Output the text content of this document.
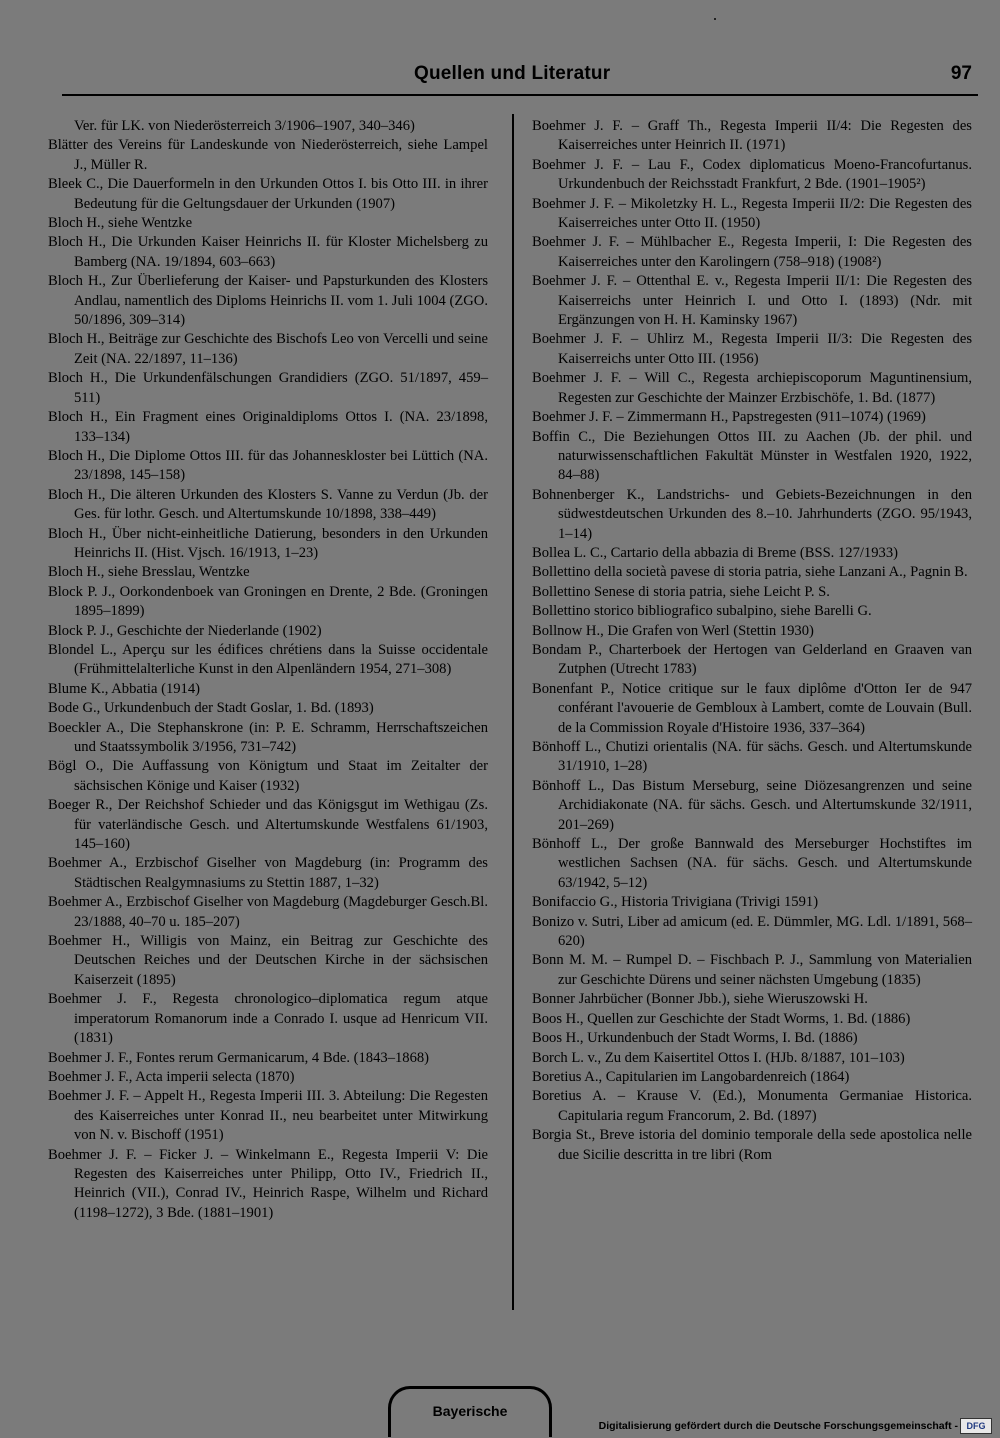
Quellen und Literatur	97

Ver. für LK. von Niederösterreich 3/1906–1907, 340–346)

Blätter des Vereins für Landeskunde von Niederösterreich, siehe Lampel J., Müller R.

Bleek C., Die Dauerformeln in den Urkunden Ottos I. bis Otto III. in ihrer Bedeutung für die Geltungsdauer der Urkunden (1907)

Bloch H., siehe Wentzke

Bloch H., Die Urkunden Kaiser Heinrichs II. für Kloster Michelsberg zu Bamberg (NA. 19/1894, 603–663)

Bloch H., Zur Überlieferung der Kaiser- und Papsturkunden des Klosters Andlau, namentlich des Diploms Heinrichs II. vom 1. Juli 1004 (ZGO. 50/1896, 309–314)

Bloch H., Beiträge zur Geschichte des Bischofs Leo von Vercelli und seine Zeit (NA. 22/1897, 11–136)

Bloch H., Die Urkundenfälschungen Grandidiers (ZGO. 51/1897, 459–511)

Bloch H., Ein Fragment eines Originaldiploms Ottos I. (NA. 23/1898, 133–134)

Bloch H., Die Diplome Ottos III. für das Johanneskloster bei Lüttich (NA. 23/1898, 145–158)

Bloch H., Die älteren Urkunden des Klosters S. Vanne zu Verdun (Jb. der Ges. für lothr. Gesch. und Altertumskunde 10/1898, 338–449)

Bloch H., Über nicht-einheitliche Datierung, besonders in den Urkunden Heinrichs II. (Hist. Vjsch. 16/1913, 1–23)

Bloch H., siehe Bresslau, Wentzke

Block P. J., Oorkondenboek van Groningen en Drente, 2 Bde. (Groningen 1895–1899)

Block P. J., Geschichte der Niederlande (1902)

Blondel L., Aperçu sur les édifices chrétiens dans la Suisse occidentale (Frühmittelalterliche Kunst in den Alpenländern 1954, 271–308)

Blume K., Abbatia (1914)

Bode G., Urkundenbuch der Stadt Goslar, 1. Bd. (1893)

Boeckler A., Die Stephanskrone (in: P. E. Schramm, Herrschaftszeichen und Staatssymbolik 3/1956, 731–742)

Bögl O., Die Auffassung von Königtum und Staat im Zeitalter der sächsischen Könige und Kaiser (1932)

Boeger R., Der Reichshof Schieder und das Königsgut im Wethigau (Zs. für vaterländische Gesch. und Altertumskunde Westfalens 61/1903, 145–160)

Boehmer A., Erzbischof Giselher von Magdeburg (in: Programm des Städtischen Realgymnasiums zu Stettin 1887, 1–32)

Boehmer A., Erzbischof Giselher von Magdeburg (Magdeburger Gesch.Bl. 23/1888, 40–70 u. 185–207)

Boehmer H., Willigis von Mainz, ein Beitrag zur Geschichte des Deutschen Reiches und der Deutschen Kirche in der sächsischen Kaiserzeit (1895)

Boehmer J. F., Regesta chronologico–diplomatica regum atque imperatorum Romanorum inde a Conrado I. usque ad Henricum VII. (1831)

Boehmer J. F., Fontes rerum Germanicarum, 4 Bde. (1843–1868)

Boehmer J. F., Acta imperii selecta (1870)

Boehmer J. F. – Appelt H., Regesta Imperii III. 3. Abteilung: Die Regesten des Kaiserreiches unter Konrad II., neu bearbeitet unter Mitwirkung von N. v. Bischoff (1951)

Boehmer J. F. – Ficker J. – Winkelmann E., Regesta Imperii V: Die Regesten des Kaiserreiches unter Philipp, Otto IV., Friedrich II., Heinrich (VII.), Conrad IV., Heinrich Raspe, Wilhelm und Richard (1198–1272), 3 Bde. (1881–1901)

Boehmer J. F. – Graff Th., Regesta Imperii II/4: Die Regesten des Kaiserreiches unter Heinrich II. (1971)

Boehmer J. F. – Lau F., Codex diplomaticus Moeno-Francofurtanus. Urkundenbuch der Reichsstadt Frankfurt, 2 Bde. (1901–1905²)

Boehmer J. F. – Mikoletzky H. L., Regesta Imperii II/2: Die Regesten des Kaiserreiches unter Otto II. (1950)

Boehmer J. F. – Mühlbacher E., Regesta Imperii, I: Die Regesten des Kaiserreiches unter den Karolingern (758–918) (1908²)

Boehmer J. F. – Ottenthal E. v., Regesta Imperii II/1: Die Regesten des Kaiserreichs unter Heinrich I. und Otto I. (1893) (Ndr. mit Ergänzungen von H. H. Kaminsky 1967)

Boehmer J. F. – Uhlirz M., Regesta Imperii II/3: Die Regesten des Kaiserreichs unter Otto III. (1956)

Boehmer J. F. – Will C., Regesta archiepiscoporum Maguntinensium, Regesten zur Geschichte der Mainzer Erzbischöfe, 1. Bd. (1877)

Boehmer J. F. – Zimmermann H., Papstregesten (911–1074) (1969)

Boffin C., Die Beziehungen Ottos III. zu Aachen (Jb. der phil. und naturwissenschaftlichen Fakultät Münster in Westfalen 1920, 1922, 84–88)

Bohnenberger K., Landstrichs- und Gebiets-Bezeichnungen in den südwestdeutschen Urkunden des 8.–10. Jahrhunderts (ZGO. 95/1943, 1–14)

Bollea L. C., Cartario della abbazia di Breme (BSS. 127/1933)

Bollettino della società pavese di storia patria, siehe Lanzani A., Pagnin B.

Bollettino Senese di storia patria, siehe Leicht P. S.

Bollettino storico bibliografico subalpino, siehe Barelli G.

Bollnow H., Die Grafen von Werl (Stettin 1930)

Bondam P., Charterboek der Hertogen van Gelderland en Graaven van Zutphen (Utrecht 1783)

Bonenfant P., Notice critique sur le faux diplôme d'Otton Ier de 947 conférant l'avouerie de Gembloux à Lambert, comte de Louvain (Bull. de la Commission Royale d'Histoire 1936, 337–364)

Bönhoff L., Chutizi orientalis (NA. für sächs. Gesch. und Altertumskunde 31/1910, 1–28)

Bönhoff L., Das Bistum Merseburg, seine Diözesangrenzen und seine Archidiakonate (NA. für sächs. Gesch. und Altertumskunde 32/1911, 201–269)

Bönhoff L., Der große Bannwald des Merseburger Hochstiftes im westlichen Sachsen (NA. für sächs. Gesch. und Altertumskunde 63/1942, 5–12)

Bonifaccio G., Historia Trivigiana (Trivigi 1591)

Bonizo v. Sutri, Liber ad amicum (ed. E. Dümmler, MG. Ldl. 1/1891, 568–620)

Bonn M. M. – Rumpel D. – Fischbach P. J., Sammlung von Materialien zur Geschichte Dürens und seiner nächsten Umgebung (1835)

Bonner Jahrbücher (Bonner Jbb.), siehe Wieruszowski H.

Boos H., Quellen zur Geschichte der Stadt Worms, 1. Bd. (1886)

Boos H., Urkundenbuch der Stadt Worms, I. Bd. (1886)

Borch L. v., Zu dem Kaisertitel Ottos I. (HJb. 8/1887, 101–103)

Boretius A., Capitularien im Langobardenreich (1864)

Boretius A. – Krause V. (Ed.), Monumenta Germaniae Historica. Capitularia regum Francorum, 2. Bd. (1897)

Borgia St., Breve istoria del dominio temporale della sede apostolica nelle due Sicilie descritta in tre libri (Rom

Bayerische
Digitalisierung gefördert durch die Deutsche Forschungsgemeinschaft - DFG
